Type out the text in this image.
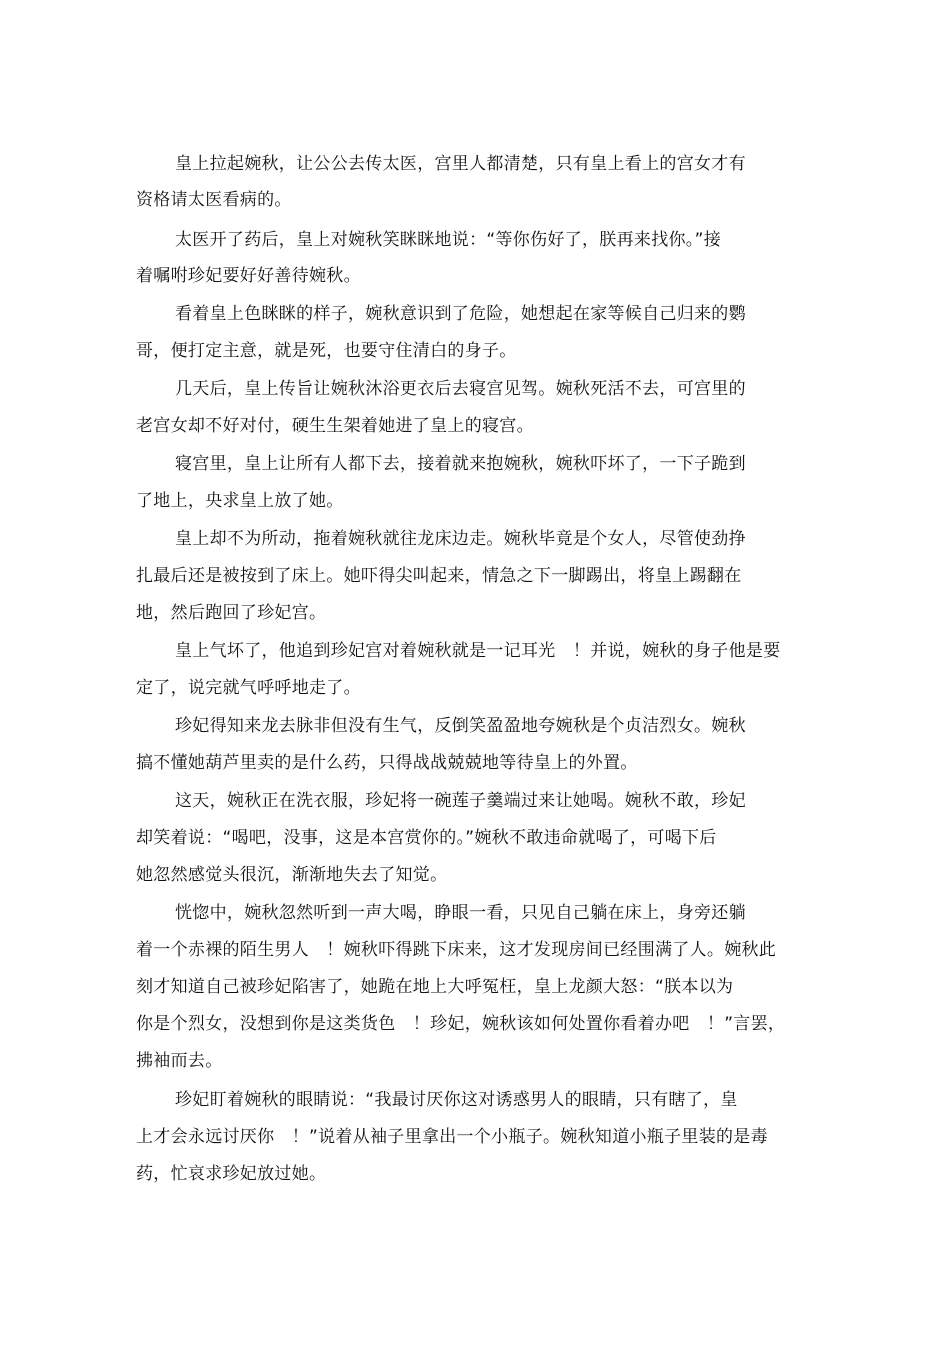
皇上拉起婉秋，让公公去传太医，宫里人都清楚，只有皇上看上的宫女才有
资格请太医看病的。
太医开了药后，皇上对婉秋笑眯眯地说：“等你伤好了，朕再来找你。”接
着嘱咐珍妃要好好善待婉秋。
看着皇上色眯眯的样子，婉秋意识到了危险，她想起在家等候自己归来的鹦
哥，便打定主意，就是死，也要守住清白的身子。
几天后，皇上传旨让婉秋沐浴更衣后去寝宫见驾。婉秋死活不去，可宫里的
老宫女却不好对付，硬生生架着她进了皇上的寝宫。
寝宫里，皇上让所有人都下去，接着就来抱婉秋，婉秋吓坏了，一下子跪到
了地上，央求皇上放了她。
皇上却不为所动，拖着婉秋就往龙床边走。婉秋毕竟是个女人，尽管使劲挣
扎最后还是被按到了床上。她吓得尖叫起来，情急之下一脚踢出，将皇上踢翻在
地，然后跑回了珍妃宫。
皇上气坏了，他追到珍妃宫对着婉秋就是一记耳光　！并说，婉秋的身子他是要
定了，说完就气呼呼地走了。
珍妃得知来龙去脉非但没有生气，反倒笑盈盈地夸婉秋是个贞洁烈女。婉秋
搞不懂她葫芦里卖的是什么药，只得战战兢兢地等待皇上的外置。
这天，婉秋正在洗衣服，珍妃将一碗莲子羹端过来让她喝。婉秋不敢，珍妃
却笑着说：“喝吧，没事，这是本宫赏你的。”婉秋不敢违命就喝了，可喝下后
她忽然感觉头很沉，渐渐地失去了知觉。
恍惚中，婉秋忽然听到一声大喝，睁眼一看，只见自己躺在床上，身旁还躺
着一个赤裸的陌生男人　！婉秋吓得跳下床来，这才发现房间已经围满了人。婉秋此
刻才知道自己被珍妃陷害了，她跪在地上大呼冤枉，皇上龙颜大怒：“朕本以为
你是个烈女，没想到你是这类货色　！珍妃，婉秋该如何处置你看着办吧　！”言罢，
拂袖而去。
珍妃盯着婉秋的眼睛说：“我最讨厌你这对诱惑男人的眼睛，只有瞎了，皇
上才会永远讨厌你　！”说着从袖子里拿出一个小瓶子。婉秋知道小瓶子里装的是毒
药，忙哀求珍妃放过她。
